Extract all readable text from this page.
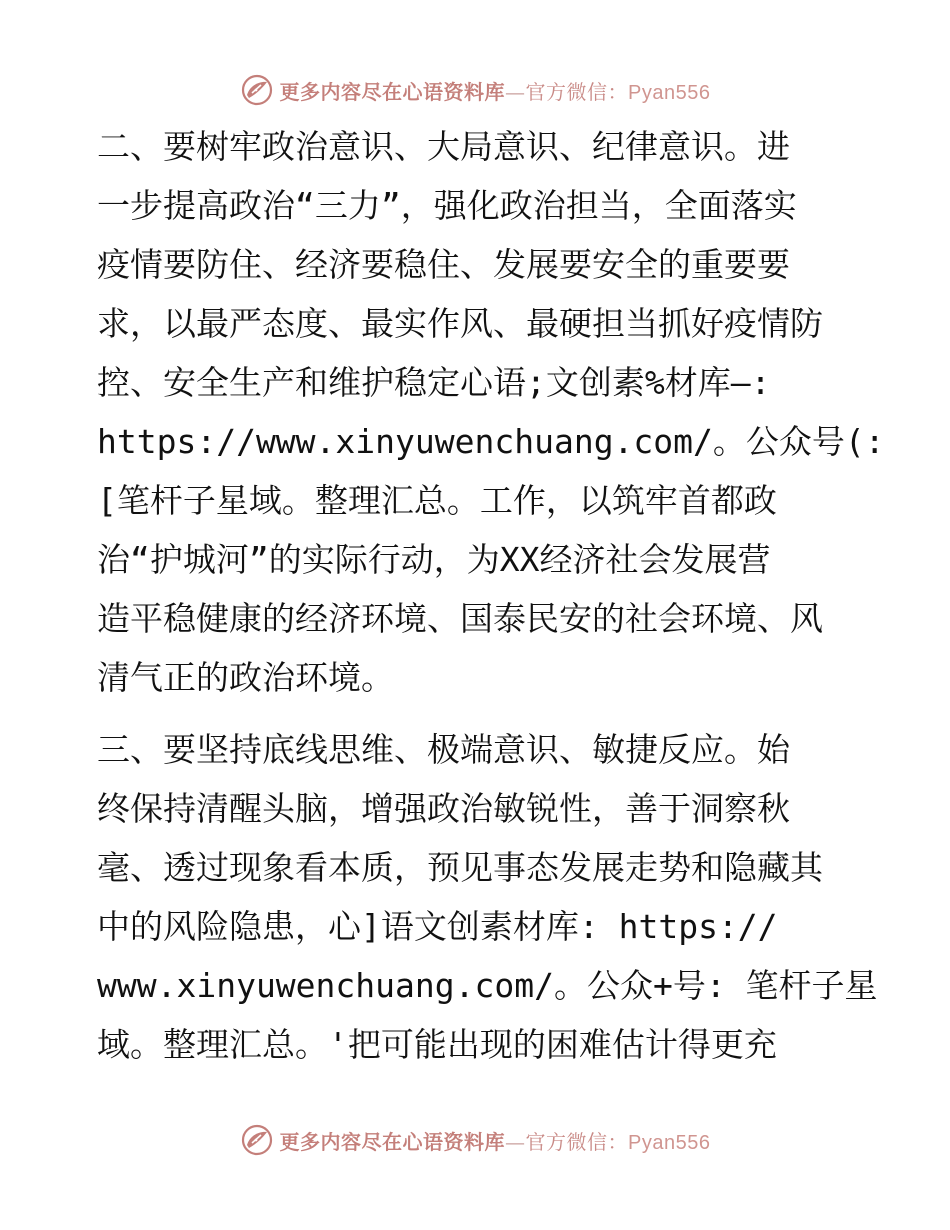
更多内容尽在心语资料库—官方微信：Pyan556

二、要树牢政治意识、大局意识、纪律意识。进
一步提高政治“三力”，强化政治担当，全面落实
疫情要防住、经济要稳住、发展要安全的重要要
求，以最严态度、最实作风、最硬担当抓好疫情防
控、安全生产和维护稳定心语;文创素%材库—:
https://www.xinyuwenchuang.com/。公众号(:
[笔杆子星域。整理汇总。工作，以筑牢首都政
治“护城河”的实际行动，为XX经济社会发展营
造平稳健康的经济环境、国泰民安的社会环境、风
清气正的政治环境。

三、要坚持底线思维、极端意识、敏捷反应。始
终保持清醒头脑，增强政治敏锐性，善于洞察秋
毫、透过现象看本质，预见事态发展走势和隐藏其
中的风险隐患，心]语文创素材库: https://
www.xinyuwenchuang.com/。公众+号: 笔杆子星
域。整理汇总。'把可能出现的困难估计得更充

更多内容尽在心语资料库—官方微信：Pyan556
